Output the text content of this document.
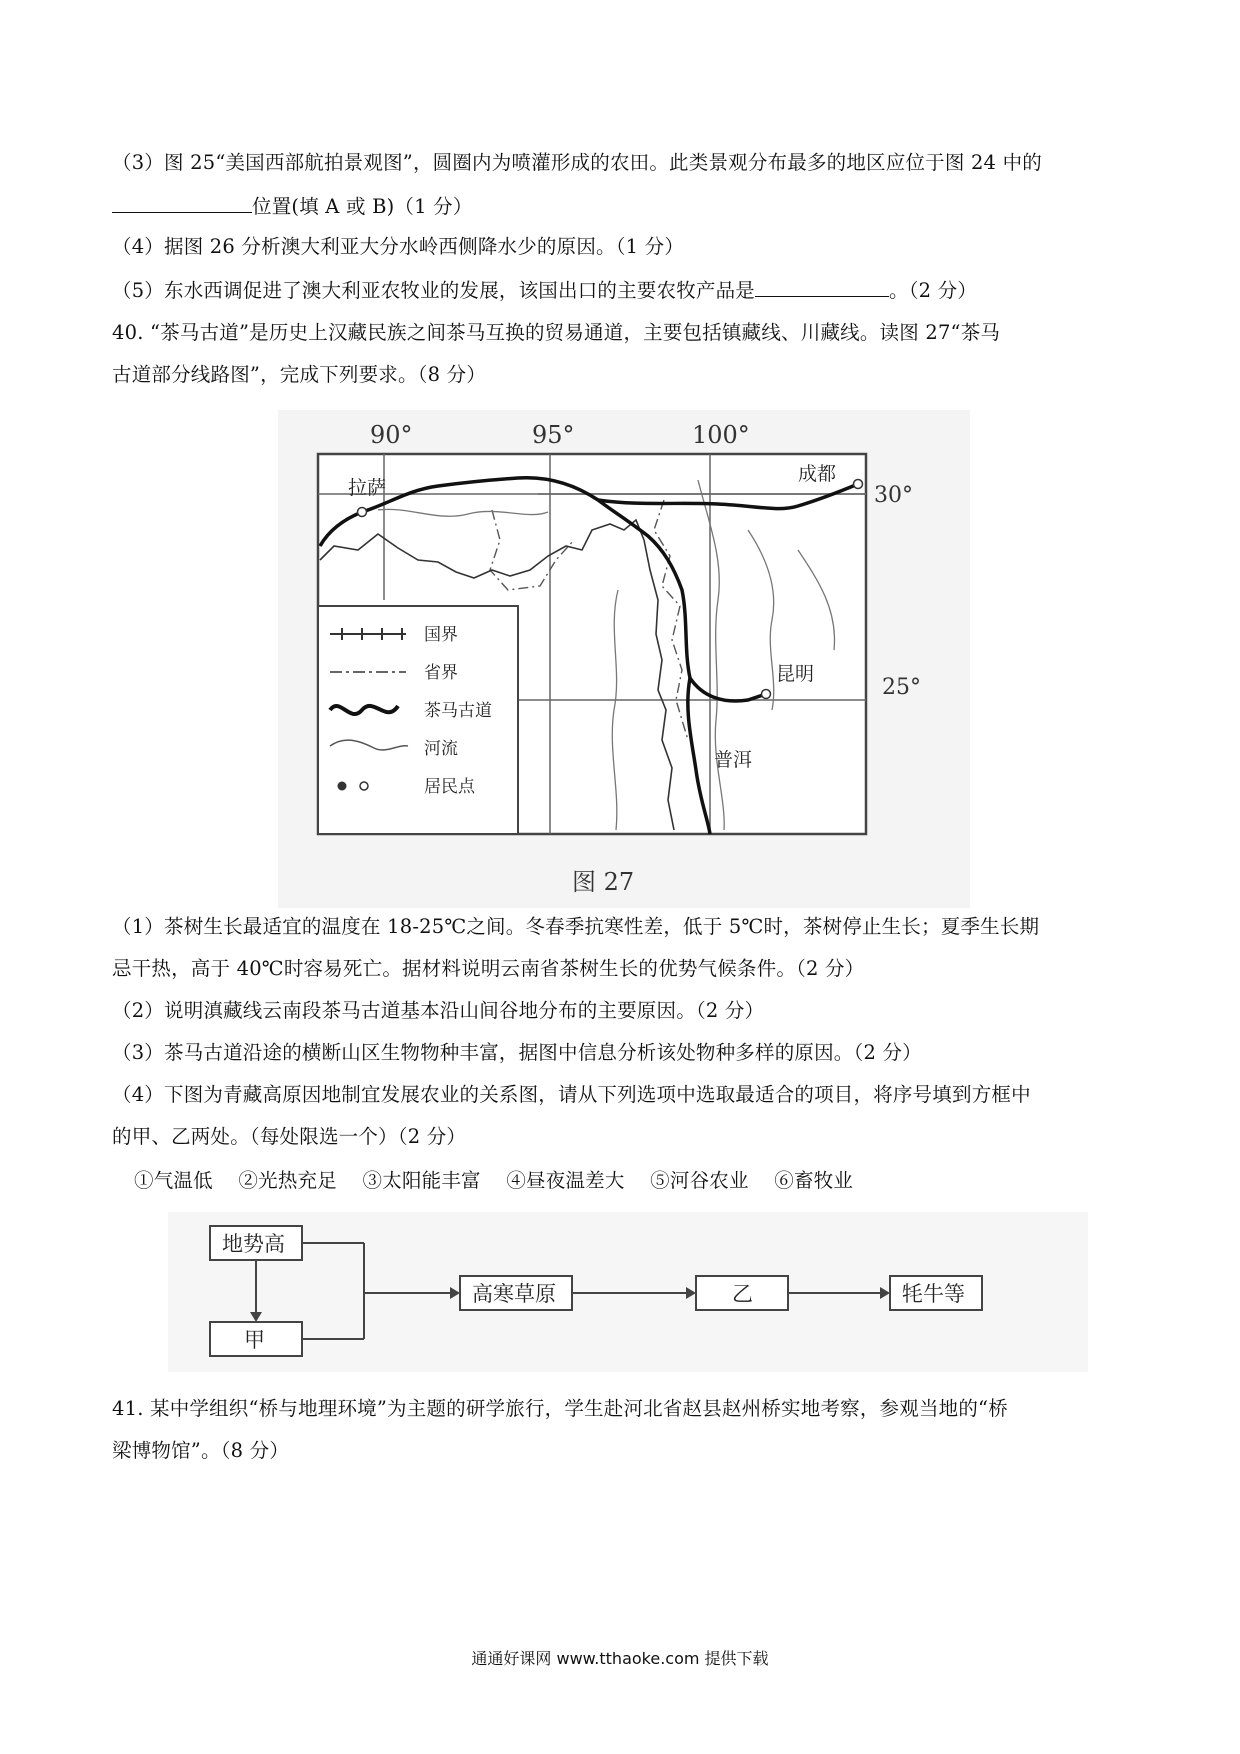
（3）图 25“美国西部航拍景观图”，圆圈内为喷灌形成的农田。此类景观分布最多的地区应位于图 24 中的
位置(填 A 或 B)（1 分）
（4）据图 26 分析澳大利亚大分水岭西侧降水少的原因。（1 分）
（5）东水西调促进了澳大利亚农牧业的发展，该国出口的主要农牧产品是	。（2 分）
40. “茶马古道”是历史上汉藏民族之间茶马互换的贸易通道，主要包括镇藏线、川藏线。读图 27“茶马
古道部分线路图”，完成下列要求。（8 分）
90°	95°	100°
30°
25°
拉萨
成都
昆明
普洱
国界
省界
茶马古道
河流
居民点
图 27
（1）茶树生长最适宜的温度在 18-25℃之间。冬春季抗寒性差，低于 5℃时，茶树停止生长；夏季生长期
忌干热，高于 40℃时容易死亡。据材料说明云南省茶树生长的优势气候条件。（2 分）
（2）说明滇藏线云南段茶马古道基本沿山间谷地分布的主要原因。（2 分）
（3）茶马古道沿途的横断山区生物物种丰富，据图中信息分析该处物种多样的原因。（2 分）
（4）下图为青藏高原因地制宜发展农业的关系图，请从下列选项中选取最适合的项目，将序号填到方框中
的甲、乙两处。（每处限选一个）（2 分）
①气温低 ②光热充足 ③太阳能丰富 ④昼夜温差大 ⑤河谷农业 ⑥畜牧业
地势高
甲
高寒草原	乙	牦牛等
41. 某中学组织“桥与地理环境”为主题的研学旅行，学生赴河北省赵县赵州桥实地考察，参观当地的“桥
梁博物馆”。（8 分）
通通好课网 www.tthaoke.com 提供下载
